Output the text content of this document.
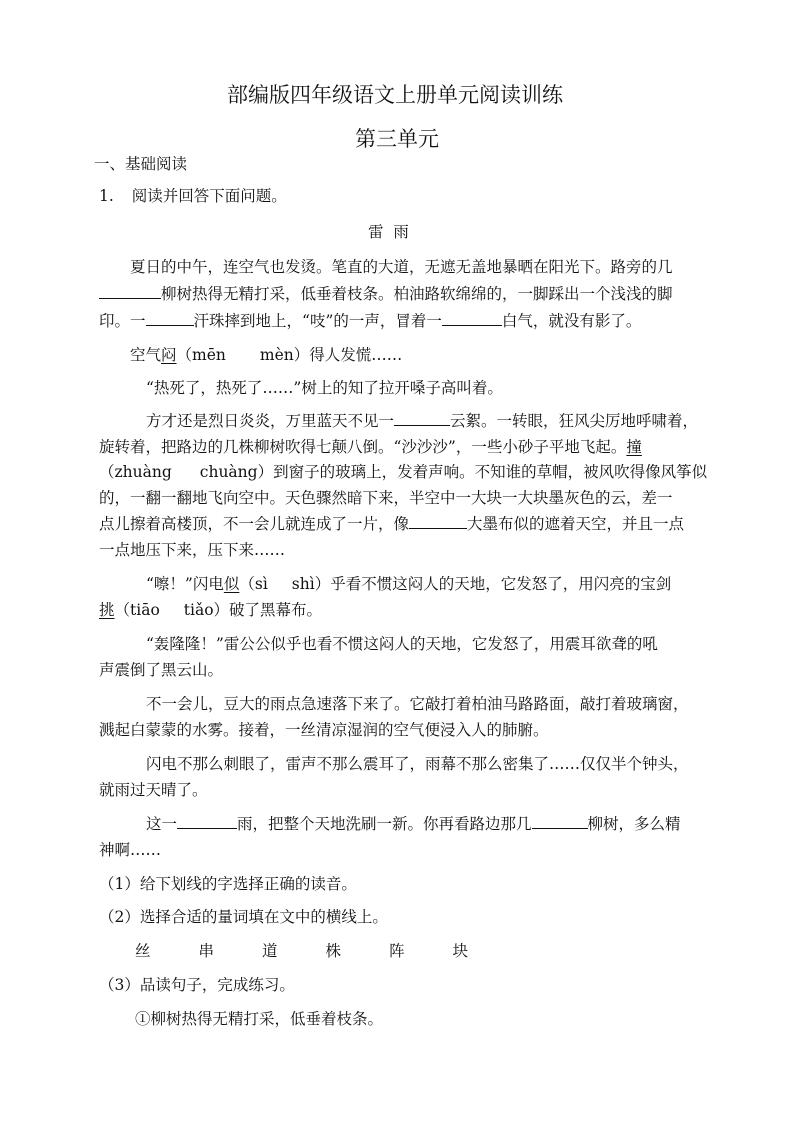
部编版四年级语文上册单元阅读训练
第三单元
一、基础阅读
1. 阅读并回答下面问题。
雷  雨
夏日的中午，连空气也发烫。笔直的大道，无遮无盖地暴晒在阳光下。路旁的几
柳树热得无精打采，低垂着枝条。柏油路软绵绵的，一脚踩出一个浅浅的脚
印。一	汗珠摔到地上，“吱”的一声，冒着一	白气，就没有影了。
空气闷（mēn mèn）得人发慌……
“热死了，热死了……”树上的知了拉开嗓子高叫着。
方才还是烈日炎炎，万里蓝天不见一	云絮。一转眼，狂风尖厉地呼啸着，
旋转着，把路边的几株柳树吹得七颠八倒。“沙沙沙”，一些小砂子平地飞起。撞
（zhuàng chuàng）到窗子的玻璃上，发着声响。不知谁的草帽，被风吹得像风筝似
的，一翻一翻地飞向空中。天色骤然暗下来，半空中一大块一大块墨灰色的云，差一
点儿擦着高楼顶，不一会儿就连成了一片，像	大墨布似的遮着天空，并且一点
一点地压下来，压下来……
“嚓！”闪电似（sì shì）乎看不惯这闷人的天地，它发怒了，用闪亮的宝剑
挑（tiāo tiǎo）破了黑幕布。
“轰隆隆！”雷公公似乎也看不惯这闷人的天地，它发怒了，用震耳欲聋的吼
声震倒了黑云山。
不一会儿，豆大的雨点急速落下来了。它敲打着柏油马路路面，敲打着玻璃窗，
溅起白蒙蒙的水雾。接着，一丝清凉湿润的空气便浸入人的肺腑。
闪电不那么刺眼了，雷声不那么震耳了，雨幕不那么密集了……仅仅半个钟头，
就雨过天晴了。
这一	雨，把整个天地洗刷一新。你再看路边那几	柳树，多么精
神啊……
（1）给下划线的字选择正确的读音。
（2）选择合适的量词填在文中的横线上。
丝	串	道	株	阵	块
（3）品读句子，完成练习。
①柳树热得无精打采，低垂着枝条。
